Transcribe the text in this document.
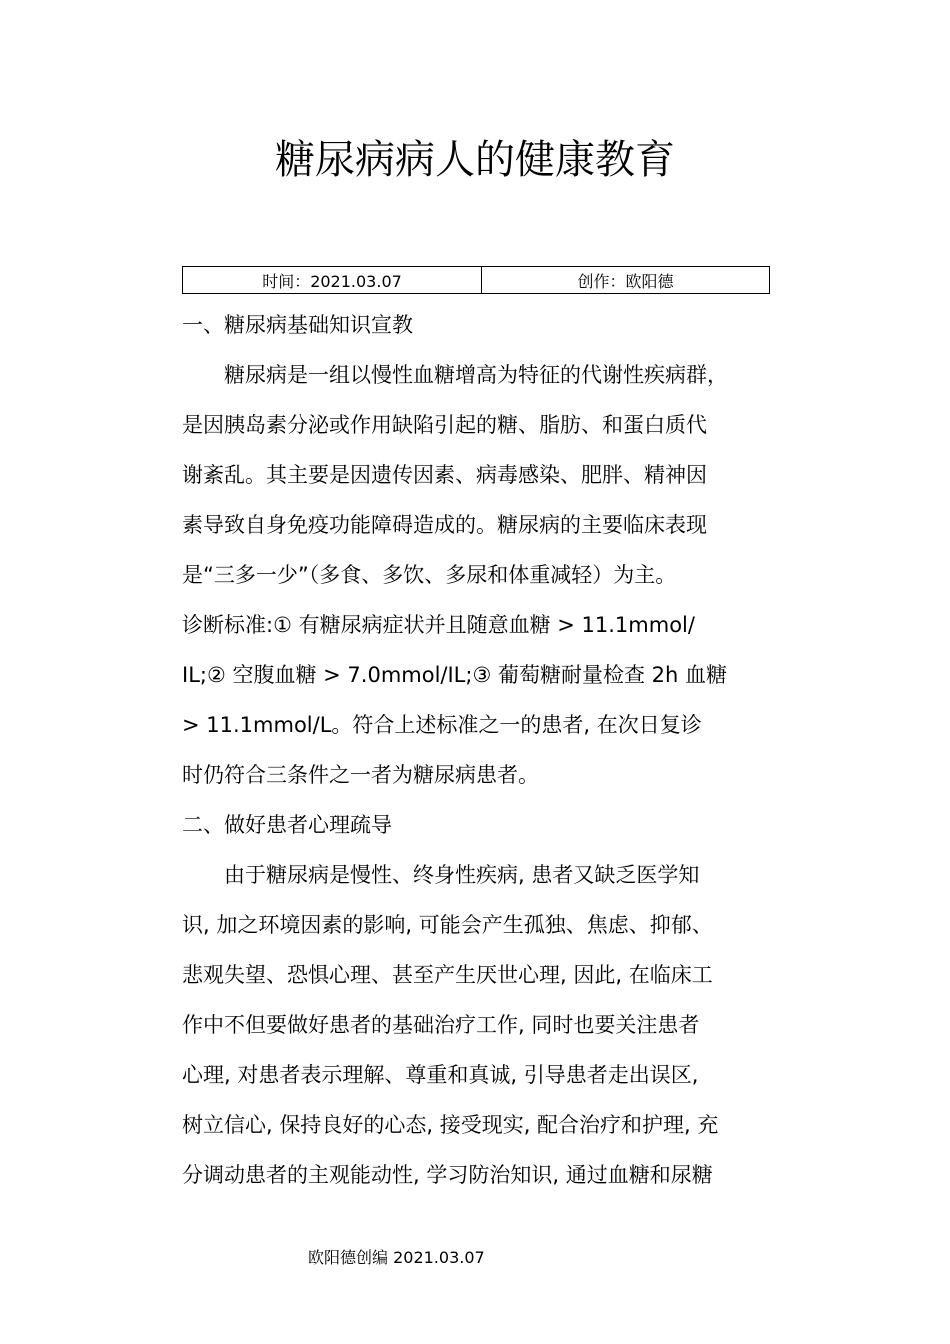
糖尿病病人的健康教育
时间：2021.03.07	创作：欧阳德
一、糖尿病基础知识宣教
　　糖尿病是一组以慢性血糖增高为特征的代谢性疾病群，
是因胰岛素分泌或作用缺陷引起的糖、脂肪、和蛋白质代
谢紊乱。其主要是因遗传因素、病毒感染、肥胖、精神因
素导致自身免疫功能障碍造成的。糖尿病的主要临床表现
是“三多一少”（多食、多饮、多尿和体重减轻）为主。
诊断标准:① 有糖尿病症状并且随意血糖 > 11.1mmol/
IL;② 空腹血糖 > 7.0mmol/IL;③ 葡萄糖耐量检查 2h 血糖
> 11.1mmol/L。符合上述标准之一的患者, 在次日复诊
时仍符合三条件之一者为糖尿病患者。
二、做好患者心理疏导
　　由于糖尿病是慢性、终身性疾病, 患者又缺乏医学知
识, 加之环境因素的影响, 可能会产生孤独、焦虑、抑郁、
悲观失望、恐惧心理、甚至产生厌世心理, 因此, 在临床工
作中不但要做好患者的基础治疗工作, 同时也要关注患者
心理, 对患者表示理解、尊重和真诚, 引导患者走出误区,
树立信心, 保持良好的心态, 接受现实, 配合治疗和护理, 充
分调动患者的主观能动性, 学习防治知识, 通过血糖和尿糖
欧阳德创编 2021.03.07
